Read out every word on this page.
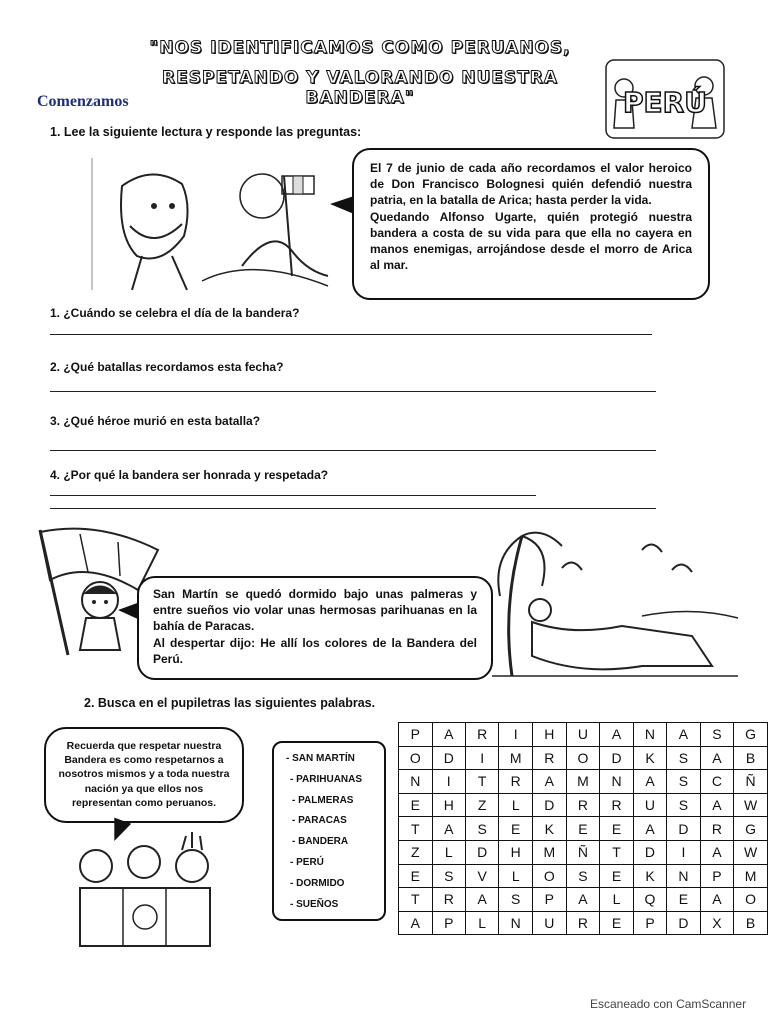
"NOS IDENTIFICAMOS COMO PERUANOS,
RESPETANDO Y VALORANDO NUESTRA BANDERA"	PERÚ
Comenzamos
1. Lee la siguiente lectura y responde las preguntas:
El 7 de junio de cada año recordamos el valor heroico de Don Francisco Bolognesi quién defendió nuestra patria, en la batalla de Arica; hasta perder la vida.
Quedando Alfonso Ugarte, quién protegió nuestra bandera a costa de su vida para que ella no cayera en manos enemigas, arrojándose desde el morro de Arica al mar.
1. ¿Cuándo se celebra el día de la bandera?
2. ¿Qué batallas recordamos esta fecha?
3. ¿Qué héroe murió en esta batalla?
4. ¿Por qué la bandera ser honrada y respetada?
San Martín se quedó dormido bajo unas palmeras y entre sueños vio volar unas hermosas parihuanas en la bahía de Paracas.
Al despertar dijo: He allí los colores de la Bandera del Perú.
2. Busca en el pupiletras las siguientes palabras.
Recuerda que respetar nuestra Bandera es como respetarnos a nosotros mismos y a toda nuestra nación ya que ellos nos representan como peruanos.
- SAN MARTÍN
- PARIHUANAS
- PALMERAS
- PARACAS
- BANDERA
- PERÚ
- DORMIDO
- SUEÑOS
P	A	R	I	H	U	A	N	A	S	G
O	D	I	M	R	O	D	K	S	A	B
N	I	T	R	A	M	N	A	S	C	Ñ
E	H	Z	L	D	R	R	U	S	A	W
T	A	S	E	K	E	E	A	D	R	G
Z	L	D	H	M	Ñ	T	D	I	A	W
E	S	V	L	O	S	E	K	N	P	M
T	R	A	S	P	A	L	Q	E	A	O
A	P	L	N	U	R	E	P	D	X	B
Escaneado con CamScanner
